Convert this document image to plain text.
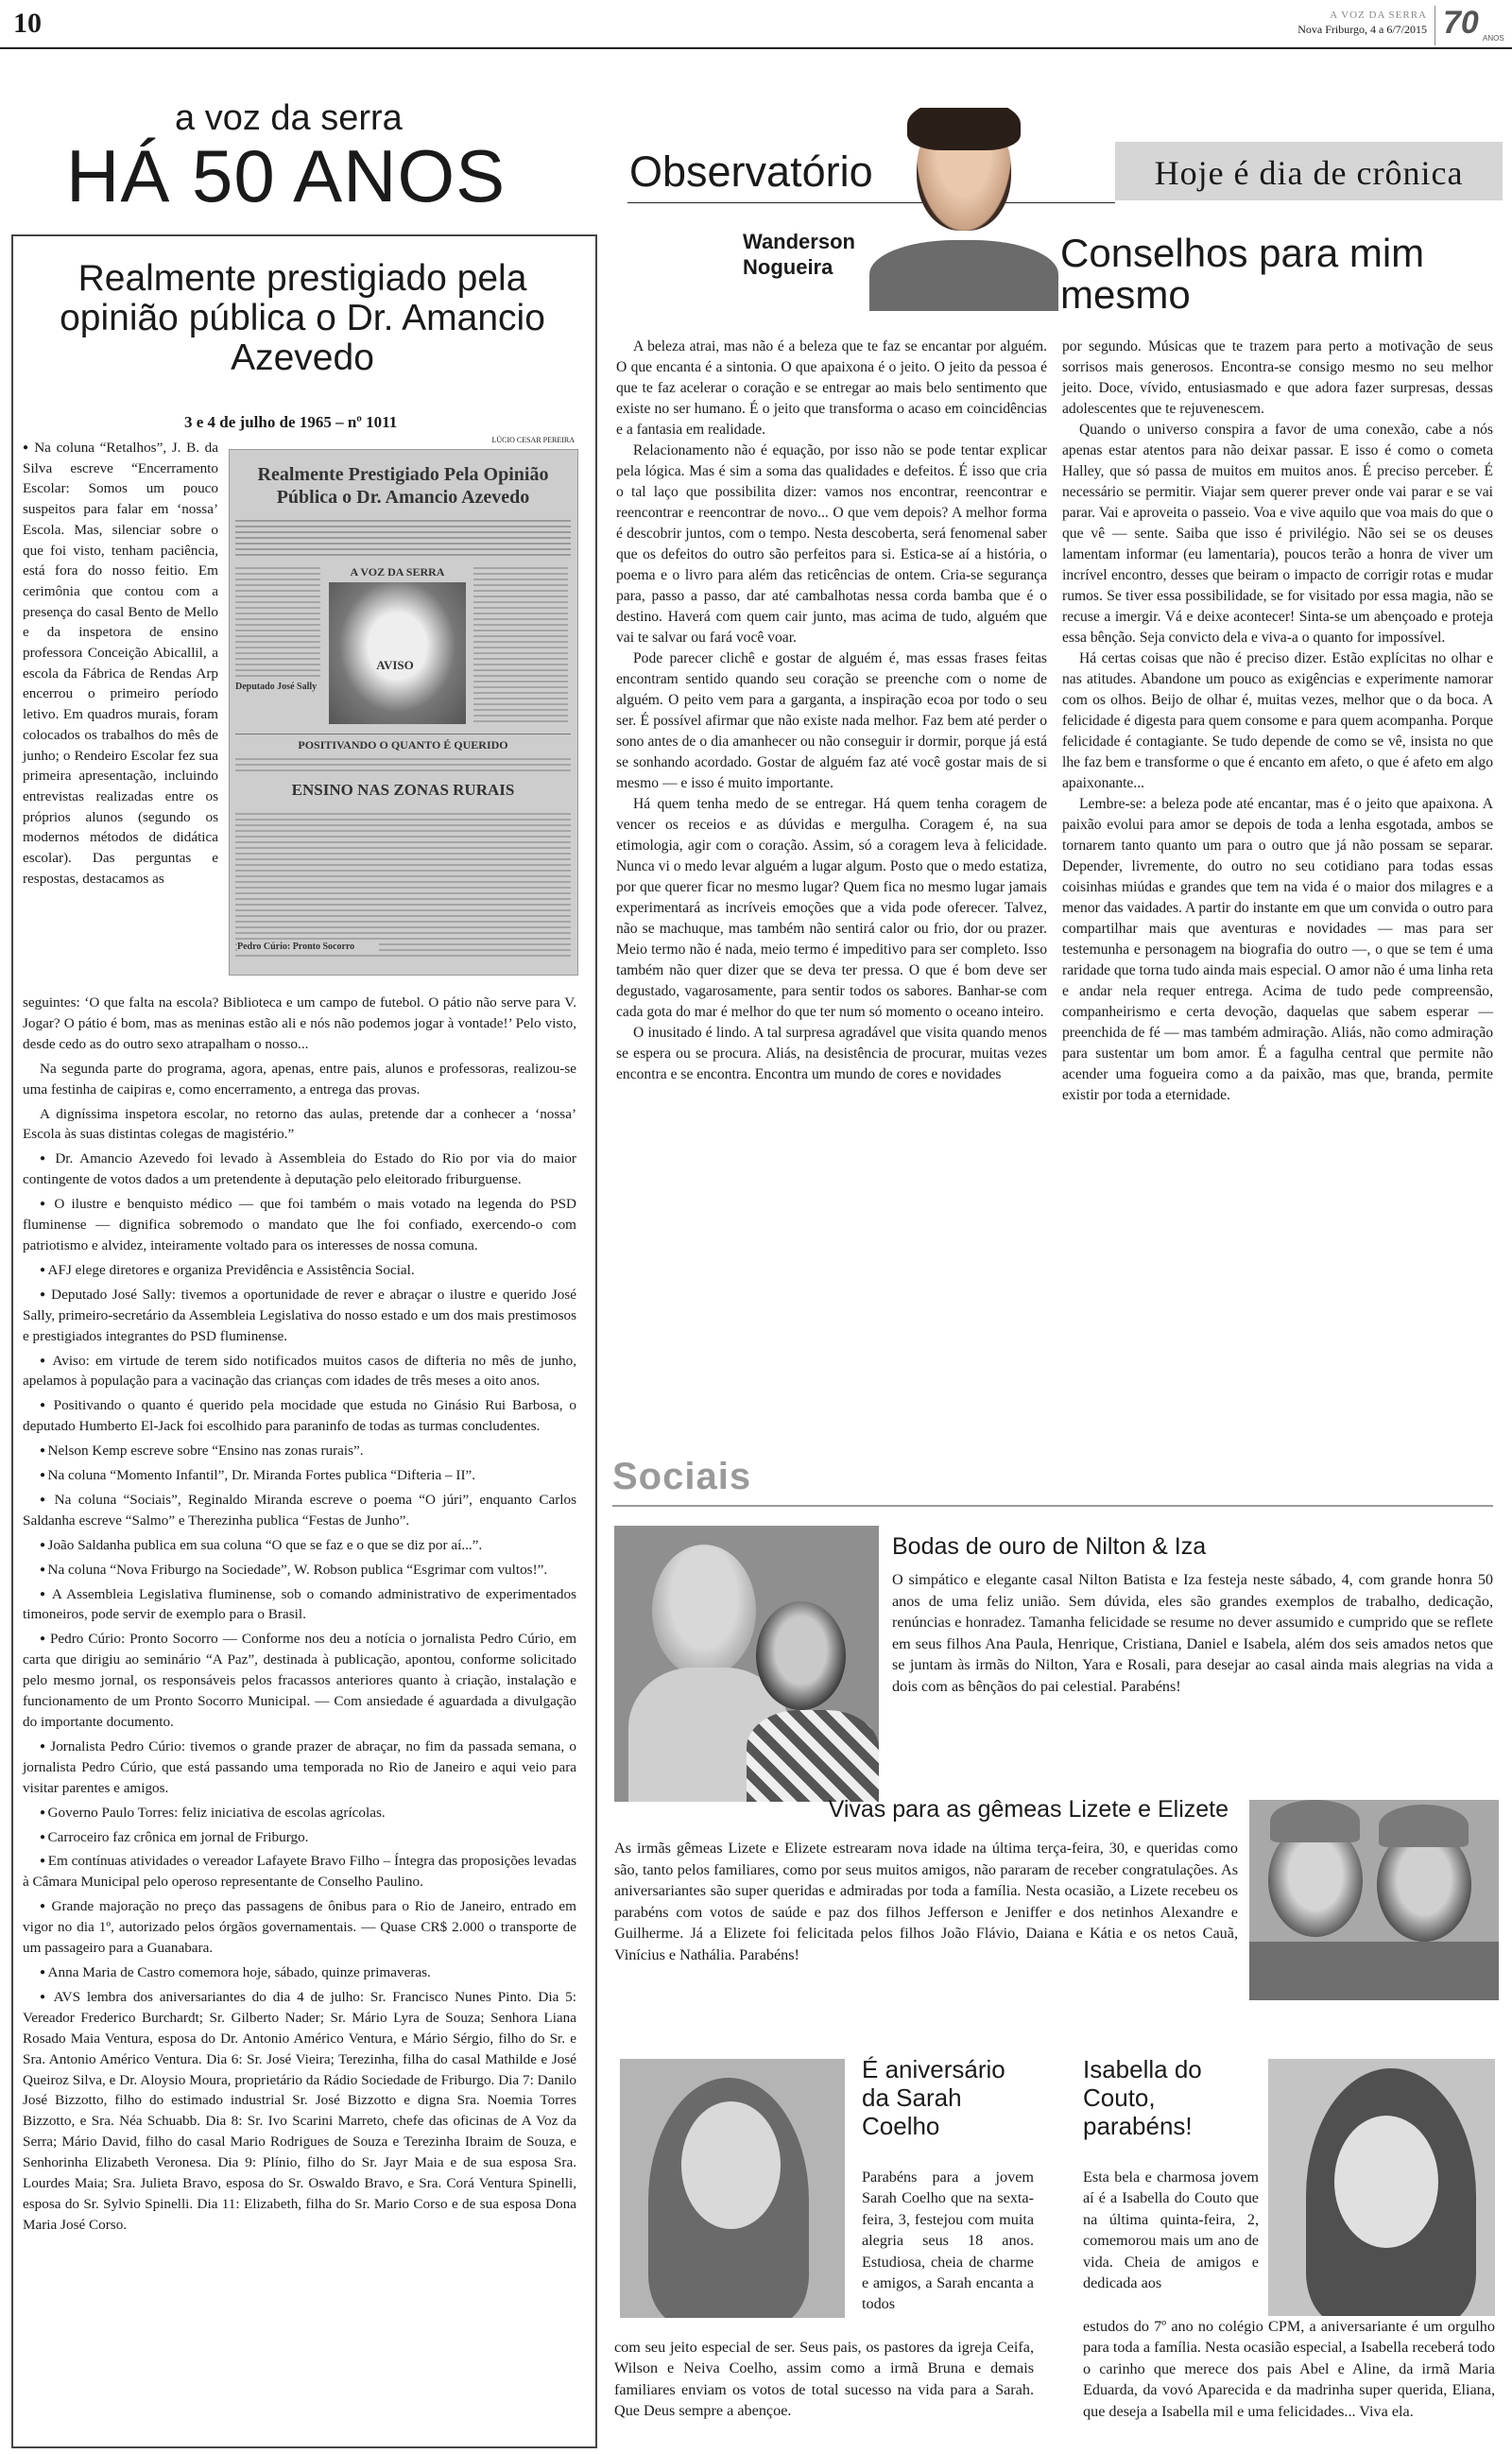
10	A VOZ DA SERRA
Nova Friburgo, 4 a 6/7/2015 70 ANOS
a voz da serra
HÁ 50 ANOS
Realmente prestigiado pela opinião pública o Dr. Amancio Azevedo
3 e 4 de julho de 1965 – nº 1011
● Na coluna “Retalhos”, J. B. da Silva escreve “Encerramento Escolar: Somos um pouco suspeitos para falar em ‘nossa’ Escola. Mas, silenciar sobre o que foi visto, tenham paciência, está fora do nosso feitio. Em cerimônia que contou com a presença do casal Bento de Mello e da inspetora de ensino professora Conceição Abicallil, a escola da Fábrica de Rendas Arp encerrou o primeiro período letivo. Em quadros murais, foram colocados os trabalhos do mês de junho; o Rendeiro Escolar fez sua primeira apresentação, incluindo entrevistas realizadas entre os próprios alunos (segundo os modernos métodos de didática escolar). Das perguntas e respostas, destacamos as
LÚCIO CESAR PEREIRA
Realmente Prestigiado Pela Opinião Pública o Dr. Amancio Azevedo
A VOZ DA SERRA
Deputado José Sally
AVISO
POSITIVANDO O QUANTO É QUERIDO
ENSINO NAS ZONAS RURAIS
Pedro Cúrio: Pronto Socorro

seguintes: ‘O que falta na escola? Biblioteca e um campo de futebol. O pátio não serve para V. Jogar? O pátio é bom, mas as meninas estão ali e nós não podemos jogar à vontade!’ Pelo visto, desde cedo as do outro sexo atrapalham o nosso...

Na segunda parte do programa, agora, apenas, entre pais, alunos e professoras, realizou-se uma festinha de caipiras e, como encerramento, a entrega das provas.

A digníssima inspetora escolar, no retorno das aulas, pretende dar a conhecer a ‘nossa’ Escola às suas distintas colegas de magistério.”

● Dr. Amancio Azevedo foi levado à Assembleia do Estado do Rio por via do maior contingente de votos dados a um pretendente à deputação pelo eleitorado friburguense.

● O ilustre e benquisto médico — que foi também o mais votado na legenda do PSD fluminense — dignifica sobremodo o mandato que lhe foi confiado, exercendo-o com patriotismo e alvidez, inteiramente voltado para os interesses de nossa comuna.

● AFJ elege diretores e organiza Previdência e Assistência Social.

● Deputado José Sally: tivemos a oportunidade de rever e abraçar o ilustre e querido José Sally, primeiro-secretário da Assembleia Legislativa do nosso estado e um dos mais prestimosos e prestigiados integrantes do PSD fluminense.

● Aviso: em virtude de terem sido notificados muitos casos de difteria no mês de junho, apelamos à população para a vacinação das crianças com idades de três meses a oito anos.

● Positivando o quanto é querido pela mocidade que estuda no Ginásio Rui Barbosa, o deputado Humberto El-Jack foi escolhido para paraninfo de todas as turmas concludentes.

● Nelson Kemp escreve sobre “Ensino nas zonas rurais”.

● Na coluna “Momento Infantil”, Dr. Miranda Fortes publica “Difteria – II”.

● Na coluna “Sociais”, Reginaldo Miranda escreve o poema “O júri”, enquanto Carlos Saldanha escreve “Salmo” e Therezinha publica “Festas de Junho”.

● João Saldanha publica em sua coluna “O que se faz e o que se diz por aí...”.

● Na coluna “Nova Friburgo na Sociedade”, W. Robson publica “Esgrimar com vultos!”.

● A Assembleia Legislativa fluminense, sob o comando administrativo de experimentados timoneiros, pode servir de exemplo para o Brasil.

● Pedro Cúrio: Pronto Socorro — Conforme nos deu a notícia o jornalista Pedro Cúrio, em carta que dirigiu ao seminário “A Paz”, destinada à publicação, apontou, conforme solicitado pelo mesmo jornal, os responsáveis pelos fracassos anteriores quanto à criação, instalação e funcionamento de um Pronto Socorro Municipal. — Com ansiedade é aguardada a divulgação do importante documento.

● Jornalista Pedro Cúrio: tivemos o grande prazer de abraçar, no fim da passada semana, o jornalista Pedro Cúrio, que está passando uma temporada no Rio de Janeiro e aqui veio para visitar parentes e amigos.

● Governo Paulo Torres: feliz iniciativa de escolas agrícolas.

● Carroceiro faz crônica em jornal de Friburgo.

● Em contínuas atividades o vereador Lafayete Bravo Filho – Íntegra das proposições levadas à Câmara Municipal pelo operoso representante de Conselho Paulino.

● Grande majoração no preço das passagens de ônibus para o Rio de Janeiro, entrado em vigor no dia 1º, autorizado pelos órgãos governamentais. — Quase CR$ 2.000 o transporte de um passageiro para a Guanabara.

● Anna Maria de Castro comemora hoje, sábado, quinze primaveras.

● AVS lembra dos aniversariantes do dia 4 de julho: Sr. Francisco Nunes Pinto. Dia 5: Vereador Frederico Burchardt; Sr. Gilberto Nader; Sr. Mário Lyra de Souza; Senhora Liana Rosado Maia Ventura, esposa do Dr. Antonio Américo Ventura, e Mário Sérgio, filho do Sr. e Sra. Antonio Américo Ventura. Dia 6: Sr. José Vieira; Terezinha, filha do casal Mathilde e José Queiroz Silva, e Dr. Aloysio Moura, proprietário da Rádio Sociedade de Friburgo. Dia 7: Danilo José Bizzotto, filho do estimado industrial Sr. José Bizzotto e digna Sra. Noemia Torres Bizzotto, e Sra. Néa Schuabb. Dia 8: Sr. Ivo Scarini Marreto, chefe das oficinas de A Voz da Serra; Mário David, filho do casal Mario Rodrigues de Souza e Terezinha Ibraim de Souza, e Senhorinha Elizabeth Veronesa. Dia 9: Plínio, filho do Sr. Jayr Maia e de sua esposa Sra. Lourdes Maia; Sra. Julieta Bravo, esposa do Sr. Oswaldo Bravo, e Sra. Corá Ventura Spinelli, esposa do Sr. Sylvio Spinelli. Dia 11: Elizabeth, filha do Sr. Mario Corso e de sua esposa Dona Maria José Corso.

Observatório
Wanderson
Nogueira

A beleza atrai, mas não é a beleza que te faz se encantar por alguém. O que encanta é a sintonia. O que apaixona é o jeito. O jeito da pessoa é que te faz acelerar o coração e se entregar ao mais belo sentimento que existe no ser humano. É o jeito que transforma o acaso em coincidências e a fantasia em realidade.

Relacionamento não é equação, por isso não se pode tentar explicar pela lógica. Mas é sim a soma das qualidades e defeitos. É isso que cria o tal laço que possibilita dizer: vamos nos encontrar, reencontrar e reencontrar e reencontrar de novo... O que vem depois? A melhor forma é descobrir juntos, com o tempo. Nesta descoberta, será fenomenal saber que os defeitos do outro são perfeitos para si. Estica-se aí a história, o poema e o livro para além das reticências de ontem. Cria-se segurança para, passo a passo, dar até cambalhotas nessa corda bamba que é o destino. Haverá com quem cair junto, mas acima de tudo, alguém que vai te salvar ou fará você voar.

Pode parecer clichê e gostar de alguém é, mas essas frases feitas encontram sentido quando seu coração se preenche com o nome de alguém. O peito vem para a garganta, a inspiração ecoa por todo o seu ser. É possível afirmar que não existe nada melhor. Faz bem até perder o sono antes de o dia amanhecer ou não conseguir ir dormir, porque já está se sonhando acordado. Gostar de alguém faz até você gostar mais de si mesmo — e isso é muito importante.

Há quem tenha medo de se entregar. Há quem tenha coragem de vencer os receios e as dúvidas e mergulha. Coragem é, na sua etimologia, agir com o coração. Assim, só a coragem leva à felicidade. Nunca vi o medo levar alguém a lugar algum. Posto que o medo estatiza, por que querer ficar no mesmo lugar? Quem fica no mesmo lugar jamais experimentará as incríveis emoções que a vida pode oferecer. Talvez, não se machuque, mas também não sentirá calor ou frio, dor ou prazer. Meio termo não é nada, meio termo é impeditivo para ser completo. Isso também não quer dizer que se deva ter pressa. O que é bom deve ser degustado, vagarosamente, para sentir todos os sabores. Banhar-se com cada gota do mar é melhor do que ter num só momento o oceano inteiro.

O inusitado é lindo. A tal surpresa agradável que visita quando menos se espera ou se procura. Aliás, na desistência de procurar, muitas vezes encontra e se encontra. Encontra um mundo de cores e novidades

Hoje é dia de crônica
Conselhos para mim mesmo

por segundo. Músicas que te trazem para perto a motivação de seus sorrisos mais generosos. Encontra-se consigo mesmo no seu melhor jeito. Doce, vívido, entusiasmado e que adora fazer surpresas, dessas adolescentes que te rejuvenescem.

Quando o universo conspira a favor de uma conexão, cabe a nós apenas estar atentos para não deixar passar. E isso é como o cometa Halley, que só passa de muitos em muitos anos. É preciso perceber. É necessário se permitir. Viajar sem querer prever onde vai parar e se vai parar. Vai e aproveita o passeio. Voa e vive aquilo que voa mais do que o que vê — sente. Saiba que isso é privilégio. Não sei se os deuses lamentam informar (eu lamentaria), poucos terão a honra de viver um incrível encontro, desses que beiram o impacto de corrigir rotas e mudar rumos. Se tiver essa possibilidade, se for visitado por essa magia, não se recuse a imergir. Vá e deixe acontecer! Sinta-se um abençoado e proteja essa bênção. Seja convicto dela e viva-a o quanto for impossível.

Há certas coisas que não é preciso dizer. Estão explícitas no olhar e nas atitudes. Abandone um pouco as exigências e experimente namorar com os olhos. Beijo de olhar é, muitas vezes, melhor que o da boca. A felicidade é digesta para quem consome e para quem acompanha. Porque felicidade é contagiante. Se tudo depende de como se vê, insista no que lhe faz bem e transforme o que é encanto em afeto, o que é afeto em algo apaixonante...

Lembre-se: a beleza pode até encantar, mas é o jeito que apaixona. A paixão evolui para amor se depois de toda a lenha esgotada, ambos se tornarem tanto quanto um para o outro que já não possam se separar. Depender, livremente, do outro no seu cotidiano para todas essas coisinhas miúdas e grandes que tem na vida é o maior dos milagres e a menor das vaidades. A partir do instante em que um convida o outro para compartilhar mais que aventuras e novidades — mas para ser testemunha e personagem na biografia do outro —, o que se tem é uma raridade que torna tudo ainda mais especial. O amor não é uma linha reta e andar nela requer entrega. Acima de tudo pede compreensão, companheirismo e certa devoção, daquelas que sabem esperar — preenchida de fé — mas também admiração. Aliás, não como admiração para sustentar um bom amor. É a fagulha central que permite não acender uma fogueira como a da paixão, mas que, branda, permite existir por toda a eternidade.

Sociais
Bodas de ouro de Nilton & Iza
O simpático e elegante casal Nilton Batista e Iza festeja neste sábado, 4, com grande honra 50 anos de uma feliz união. Sem dúvida, eles são grandes exemplos de trabalho, dedicação, renúncias e honradez. Tamanha felicidade se resume no dever assumido e cumprido que se reflete em seus filhos Ana Paula, Henrique, Cristiana, Daniel e Isabela, além dos seis amados netos que se juntam às irmãs do Nilton, Yara e Rosali, para desejar ao casal ainda mais alegrias na vida a dois com as bênçãos do pai celestial. Parabéns!
Vivas para as gêmeas Lizete e Elizete
As irmãs gêmeas Lizete e Elizete estrearam nova idade na última terça-feira, 30, e queridas como são, tanto pelos familiares, como por seus muitos amigos, não pararam de receber congratulações. As aniversariantes são super queridas e admiradas por toda a família. Nesta ocasião, a Lizete recebeu os parabéns com votos de saúde e paz dos filhos Jefferson e Jeniffer e dos netinhos Alexandre e Guilherme. Já a Elizete foi felicitada pelos filhos João Flávio, Daiana e Kátia e os netos Cauã, Vinícius e Nathália. Parabéns!
É aniversário da Sarah Coelho
Parabéns para a jovem Sarah Coelho que na sexta-feira, 3, festejou com muita alegria seus 18 anos. Estudiosa, cheia de charme e amigos, a Sarah encanta a todos
com seu jeito especial de ser. Seus pais, os pastores da igreja Ceifa, Wilson e Neiva Coelho, assim como a irmã Bruna e demais familiares enviam os votos de total sucesso na vida para a Sarah. Que Deus sempre a abençoe.
Isabella do Couto, parabéns!
Esta bela e charmosa jovem aí é a Isabella do Couto que na última quinta-feira, 2, comemorou mais um ano de vida. Cheia de amigos e dedicada aos
estudos do 7º ano no colégio CPM, a aniversariante é um orgulho para toda a família. Nesta ocasião especial, a Isabella receberá todo o carinho que merece dos pais Abel e Aline, da irmã Maria Eduarda, da vovó Aparecida e da madrinha super querida, Eliana, que deseja a Isabella mil e uma felicidades... Viva ela.
